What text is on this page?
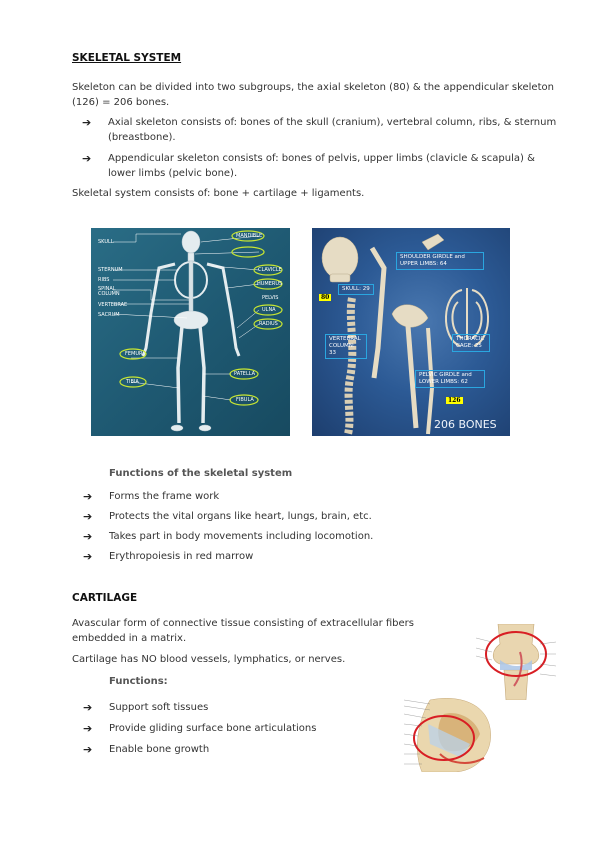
SKELETAL SYSTEM
Skeleton can be divided into two subgroups, the axial skeleton (80) & the appendicular skeleton
(126) = 206 bones.
➔ Axial skeleton consists of: bones of the skull (cranium), vertebral column, ribs, & sternum
(breastbone).
➔ Appendicular skeleton consists of: bones of pelvis, upper limbs (clavicle & scapula) &
lower limbs (pelvic bone).
Skeletal system consists of: bone + cartilage + ligaments.
SKULL
STERNUM
RIBS
SPINAL COLUMN
VERTEBRAE
SACRUM
MANDIBLE
CLAVICLE
HUMERUS
ULNA
RADIUS
PELVIS
FEMUR
TIBIA
PATELLA
FIBULA
SHOULDER GIRDLE and UPPER LIMBS: 64
SKULL: 29
VERTEBRAL COLUMN: 33
THORACIC CAGE: 25
PELVIC GIRDLE and LOWER LIMBS: 62
80
126
206 BONES
Functions of the skeletal system
➔ Forms the frame work
➔ Protects the vital organs like heart, lungs, brain, etc.
➔ Takes part in body movements including locomotion.
➔ Erythropoiesis in red marrow
CARTILAGE
Avascular form of connective tissue consisting of extracellular fibers
embedded in a matrix.
Cartilage has NO blood vessels, lymphatics, or nerves.
Functions:
➔ Support soft tissues
➔ Provide gliding surface bone articulations
➔ Enable bone growth
